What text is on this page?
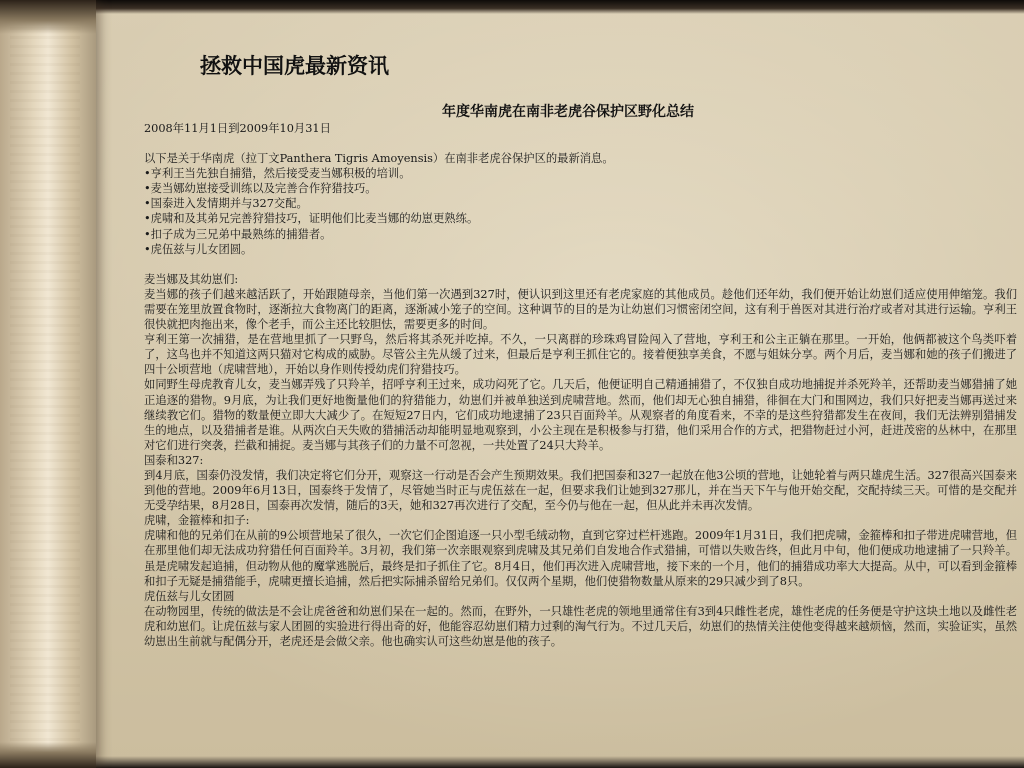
拯救中国虎最新资讯
年度华南虎在南非老虎谷保护区野化总结

2008年11月1日到2009年10月31日

以下是关于华南虎（拉丁文Panthera Tigris Amoyensis）在南非老虎谷保护区的最新消息。

•亨利王当先独自捕猎，然后接受麦当娜积极的培训。

•麦当娜幼崽接受训练以及完善合作狩猎技巧。

•国泰进入发情期并与327交配。

•虎啸和及其弟兄完善狩猎技巧，证明他们比麦当娜的幼崽更熟练。

•扣子成为三兄弟中最熟练的捕猎者。

•虎伍兹与儿女团圆。

麦当娜及其幼崽们:

麦当娜的孩子们越来越活跃了，开始跟随母亲，当他们第一次遇到327时，便认识到这里还有老虎家庭的其他成员。趁他们还年幼，我们便开始让幼崽们适应使用伸缩笼。我们需要在笼里放置食物时，逐渐拉大食物离门的距离，逐渐减小笼子的空间。这种调节的目的是为让幼崽们习惯密闭空间，这有利于兽医对其进行治疗或者对其进行运输。亨利王很快就把肉拖出来，像个老手，而公主还比较胆怯，需要更多的时间。

亨利王第一次捕猎，是在营地里抓了一只野鸟，然后将其杀死并吃掉。不久，一只离群的珍珠鸡冒险闯入了营地，亨利王和公主正躺在那里。一开始，他俩都被这个鸟类吓着了，这鸟也并不知道这两只猫对它构成的威胁。尽管公主先从缓了过来，但最后是亨利王抓住它的。接着便独享美食，不愿与姐妹分享。两个月后，麦当娜和她的孩子们搬进了四十公顷营地（虎啸营地），开始以身作则传授幼虎们狩猎技巧。

如同野生母虎教育儿女，麦当娜弄残了只羚羊，招呼亨利王过来，成功闷死了它。几天后，他便证明自己精通捕猎了，不仅独自成功地捕捉并杀死羚羊，还帮助麦当娜猎捕了她正追逐的猎物。9月底，为让我们更好地衡量他们的狩猎能力，幼崽们并被单独送到虎啸营地。然而，他们却无心独自捕猎，徘徊在大门和围网边，我们只好把麦当娜再送过来继续教它们。猎物的数量便立即大大减少了。在短短27日内，它们成功地逮捕了23只百面羚羊。从观察者的角度看来，不幸的是这些狩猎都发生在夜间，我们无法辨别猎捕发生的地点，以及猎捕者是谁。从两次白天失败的猎捕活动却能明显地观察到，小公主现在是积极参与打猎，他们采用合作的方式，把猎物赶过小河，赶进茂密的丛林中，在那里对它们进行突袭，拦截和捕捉。麦当娜与其孩子们的力量不可忽视，一共处置了24只大羚羊。

国泰和327:

到4月底，国泰仍没发情，我们决定将它们分开，观察这一行动是否会产生预期效果。我们把国泰和327一起放在他3公顷的营地，让她轮着与两只雄虎生活。327很高兴国泰来到他的营地。2009年6月13日，国泰终于发情了，尽管她当时正与虎伍兹在一起，但要求我们让她到327那儿，并在当天下午与他开始交配，交配持续三天。可惜的是交配并无受孕结果，8月28日，国泰再次发情，随后的3天，她和327再次进行了交配，至今仍与他在一起，但从此并未再次发情。

虎啸，金箍棒和扣子:

虎啸和他的兄弟们在从前的9公顷营地呆了很久，一次它们企图追逐一只小型毛绒动物，直到它穿过栏杆逃跑。2009年1月31日，我们把虎啸，金箍棒和扣子带进虎啸营地，但在那里他们却无法成功狩猎任何百面羚羊。3月初，我们第一次亲眼观察到虎啸及其兄弟们自发地合作式猎捕，可惜以失败告终，但此月中旬，他们便成功地逮捕了一只羚羊。虽是虎啸发起追捕，但动物从他的魔掌逃脱后，最终是扣子抓住了它。8月4日，他们再次进入虎啸营地，接下来的一个月，他们的捕猎成功率大大提高。从中，可以看到金箍棒和扣子无疑是捕猎能手，虎啸更擅长追捕，然后把实际捕杀留给兄弟们。仅仅两个星期，他们使猎物数量从原来的29只减少到了8只。

虎伍兹与儿女团圆

在动物园里，传统的做法是不会让虎爸爸和幼崽们呆在一起的。然而，在野外，一只雄性老虎的领地里通常住有3到4只雌性老虎，雄性老虎的任务便是守护这块土地以及雌性老虎和幼崽们。让虎伍兹与家人团圆的实验进行得出奇的好，他能容忍幼崽们精力过剩的淘气行为。不过几天后，幼崽们的热情关注使他变得越来越烦恼，然而，实验证实，虽然幼崽出生前就与配偶分开，老虎还是会做父亲。他也确实认可这些幼崽是他的孩子。
